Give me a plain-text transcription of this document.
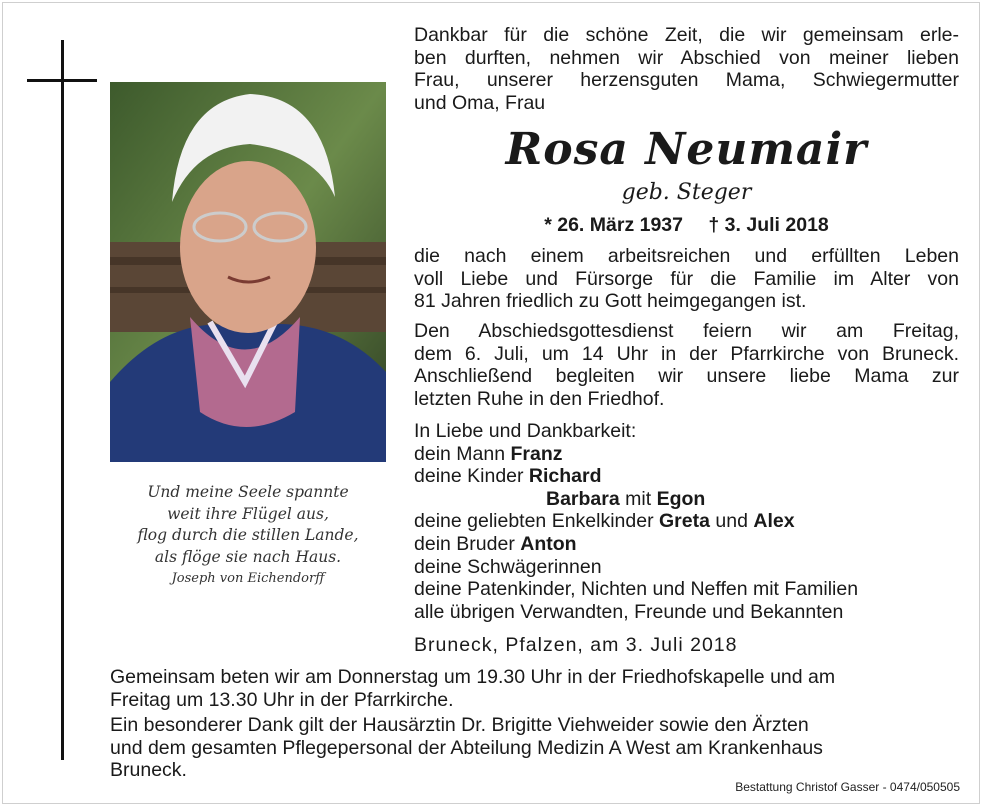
Und meine Seele spannte
weit ihre Flügel aus,
flog durch die stillen Lande,
als flöge sie nach Haus.
Joseph von Eichendorff
Dankbar für die schöne Zeit, die wir gemeinsam erle-
ben durften, nehmen wir Abschied von meiner lieben
Frau, unserer herzensguten Mama, Schwiegermutter
und Oma, Frau
Rosa Neumair
geb. Steger
* 26. März 1937 † 3. Juli 2018
die nach einem arbeitsreichen und erfüllten Leben
voll Liebe und Fürsorge für die Familie im Alter von
81 Jahren friedlich zu Gott heimgegangen ist.
Den Abschiedsgottesdienst feiern wir am Freitag,
dem 6. Juli, um 14 Uhr in der Pfarrkirche von Bruneck.
Anschließend begleiten wir unsere liebe Mama zur
letzten Ruhe in den Friedhof.
In Liebe und Dankbarkeit:
dein Mann Franz
deine Kinder Richard
Barbara mit Egon
deine geliebten Enkelkinder Greta und Alex
dein Bruder Anton
deine Schwägerinnen
deine Patenkinder, Nichten und Neffen mit Familien
alle übrigen Verwandten, Freunde und Bekannten
Bruneck, Pfalzen, am 3. Juli 2018
Gemeinsam beten wir am Donnerstag um 19.30 Uhr in der Friedhofskapelle und am
Freitag um 13.30 Uhr in der Pfarrkirche.
Ein besonderer Dank gilt der Hausärztin Dr. Brigitte Viehweider sowie den Ärzten
und dem gesamten Pflegepersonal der Abteilung Medizin A West am Krankenhaus
Bruneck.
Bestattung Christof Gasser - 0474/050505
